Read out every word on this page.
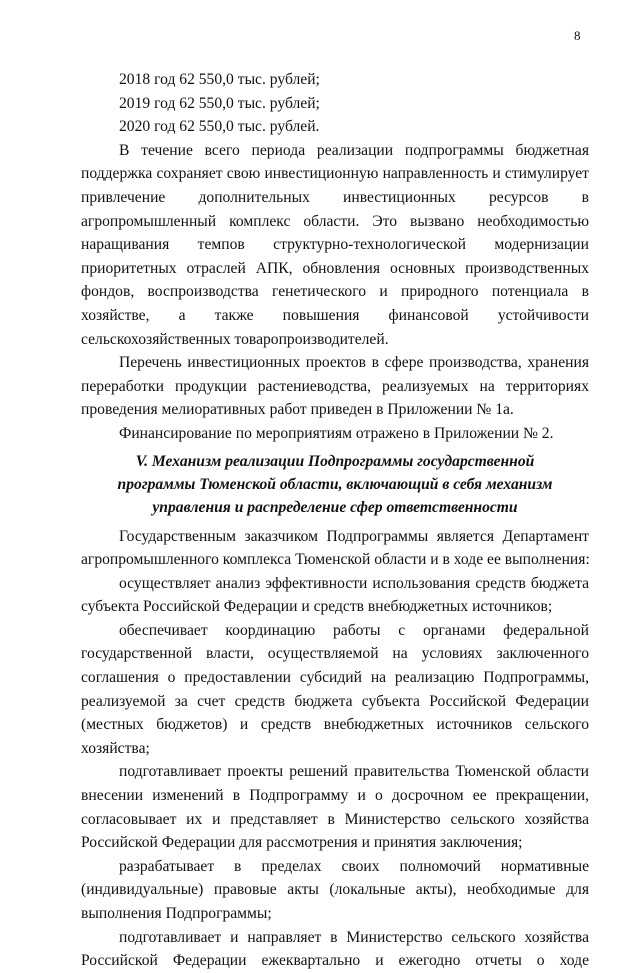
8
2018 год 62 550,0 тыс. рублей;
2019 год 62 550,0 тыс. рублей;
2020 год 62 550,0 тыс. рублей.
В течение всего периода реализации подпрограммы бюджетная
поддержка сохраняет свою инвестиционную направленность и стимулирует
привлечение дополнительных инвестиционных ресурсов в
агропромышленный комплекс области. Это вызвано необходимостью
наращивания темпов структурно-технологической модернизации
приоритетных отраслей АПК, обновления основных производственных
фондов, воспроизводства генетического и природного потенциала в
хозяйстве, а также повышения финансовой устойчивости
сельскохозяйственных товаропроизводителей.
Перечень инвестиционных проектов в сфере производства, хранения
переработки продукции растениеводства, реализуемых на территориях
проведения мелиоративных работ приведен в Приложении № 1а.
Финансирование по мероприятиям отражено в Приложении № 2.
V. Механизм реализации Подпрограммы государственной
программы Тюменской области, включающий в себя механизм
управления и распределение сфер ответственности
Государственным заказчиком Подпрограммы является Департамент
агропромышленного комплекса Тюменской области и в ходе ее выполнения:
осуществляет анализ эффективности использования средств бюджета
субъекта Российской Федерации и средств внебюджетных источников;
обеспечивает координацию работы с органами федеральной
государственной власти, осуществляемой на условиях заключенного
соглашения о предоставлении субсидий на реализацию Подпрограммы,
реализуемой за счет средств бюджета субъекта Российской Федерации
(местных бюджетов) и средств внебюджетных источников сельского
хозяйства;
подготавливает проекты решений правительства Тюменской области
внесении изменений в Подпрограмму и о досрочном ее прекращении,
согласовывает их и представляет в Министерство сельского хозяйства
Российской Федерации для рассмотрения и принятия заключения;
разрабатывает в пределах своих полномочий нормативные
(индивидуальные) правовые акты (локальные акты), необходимые для
выполнения Подпрограммы;
подготавливает и направляет в Министерство сельского хозяйства
Российской Федерации ежеквартально и ежегодно отчеты о ходе
